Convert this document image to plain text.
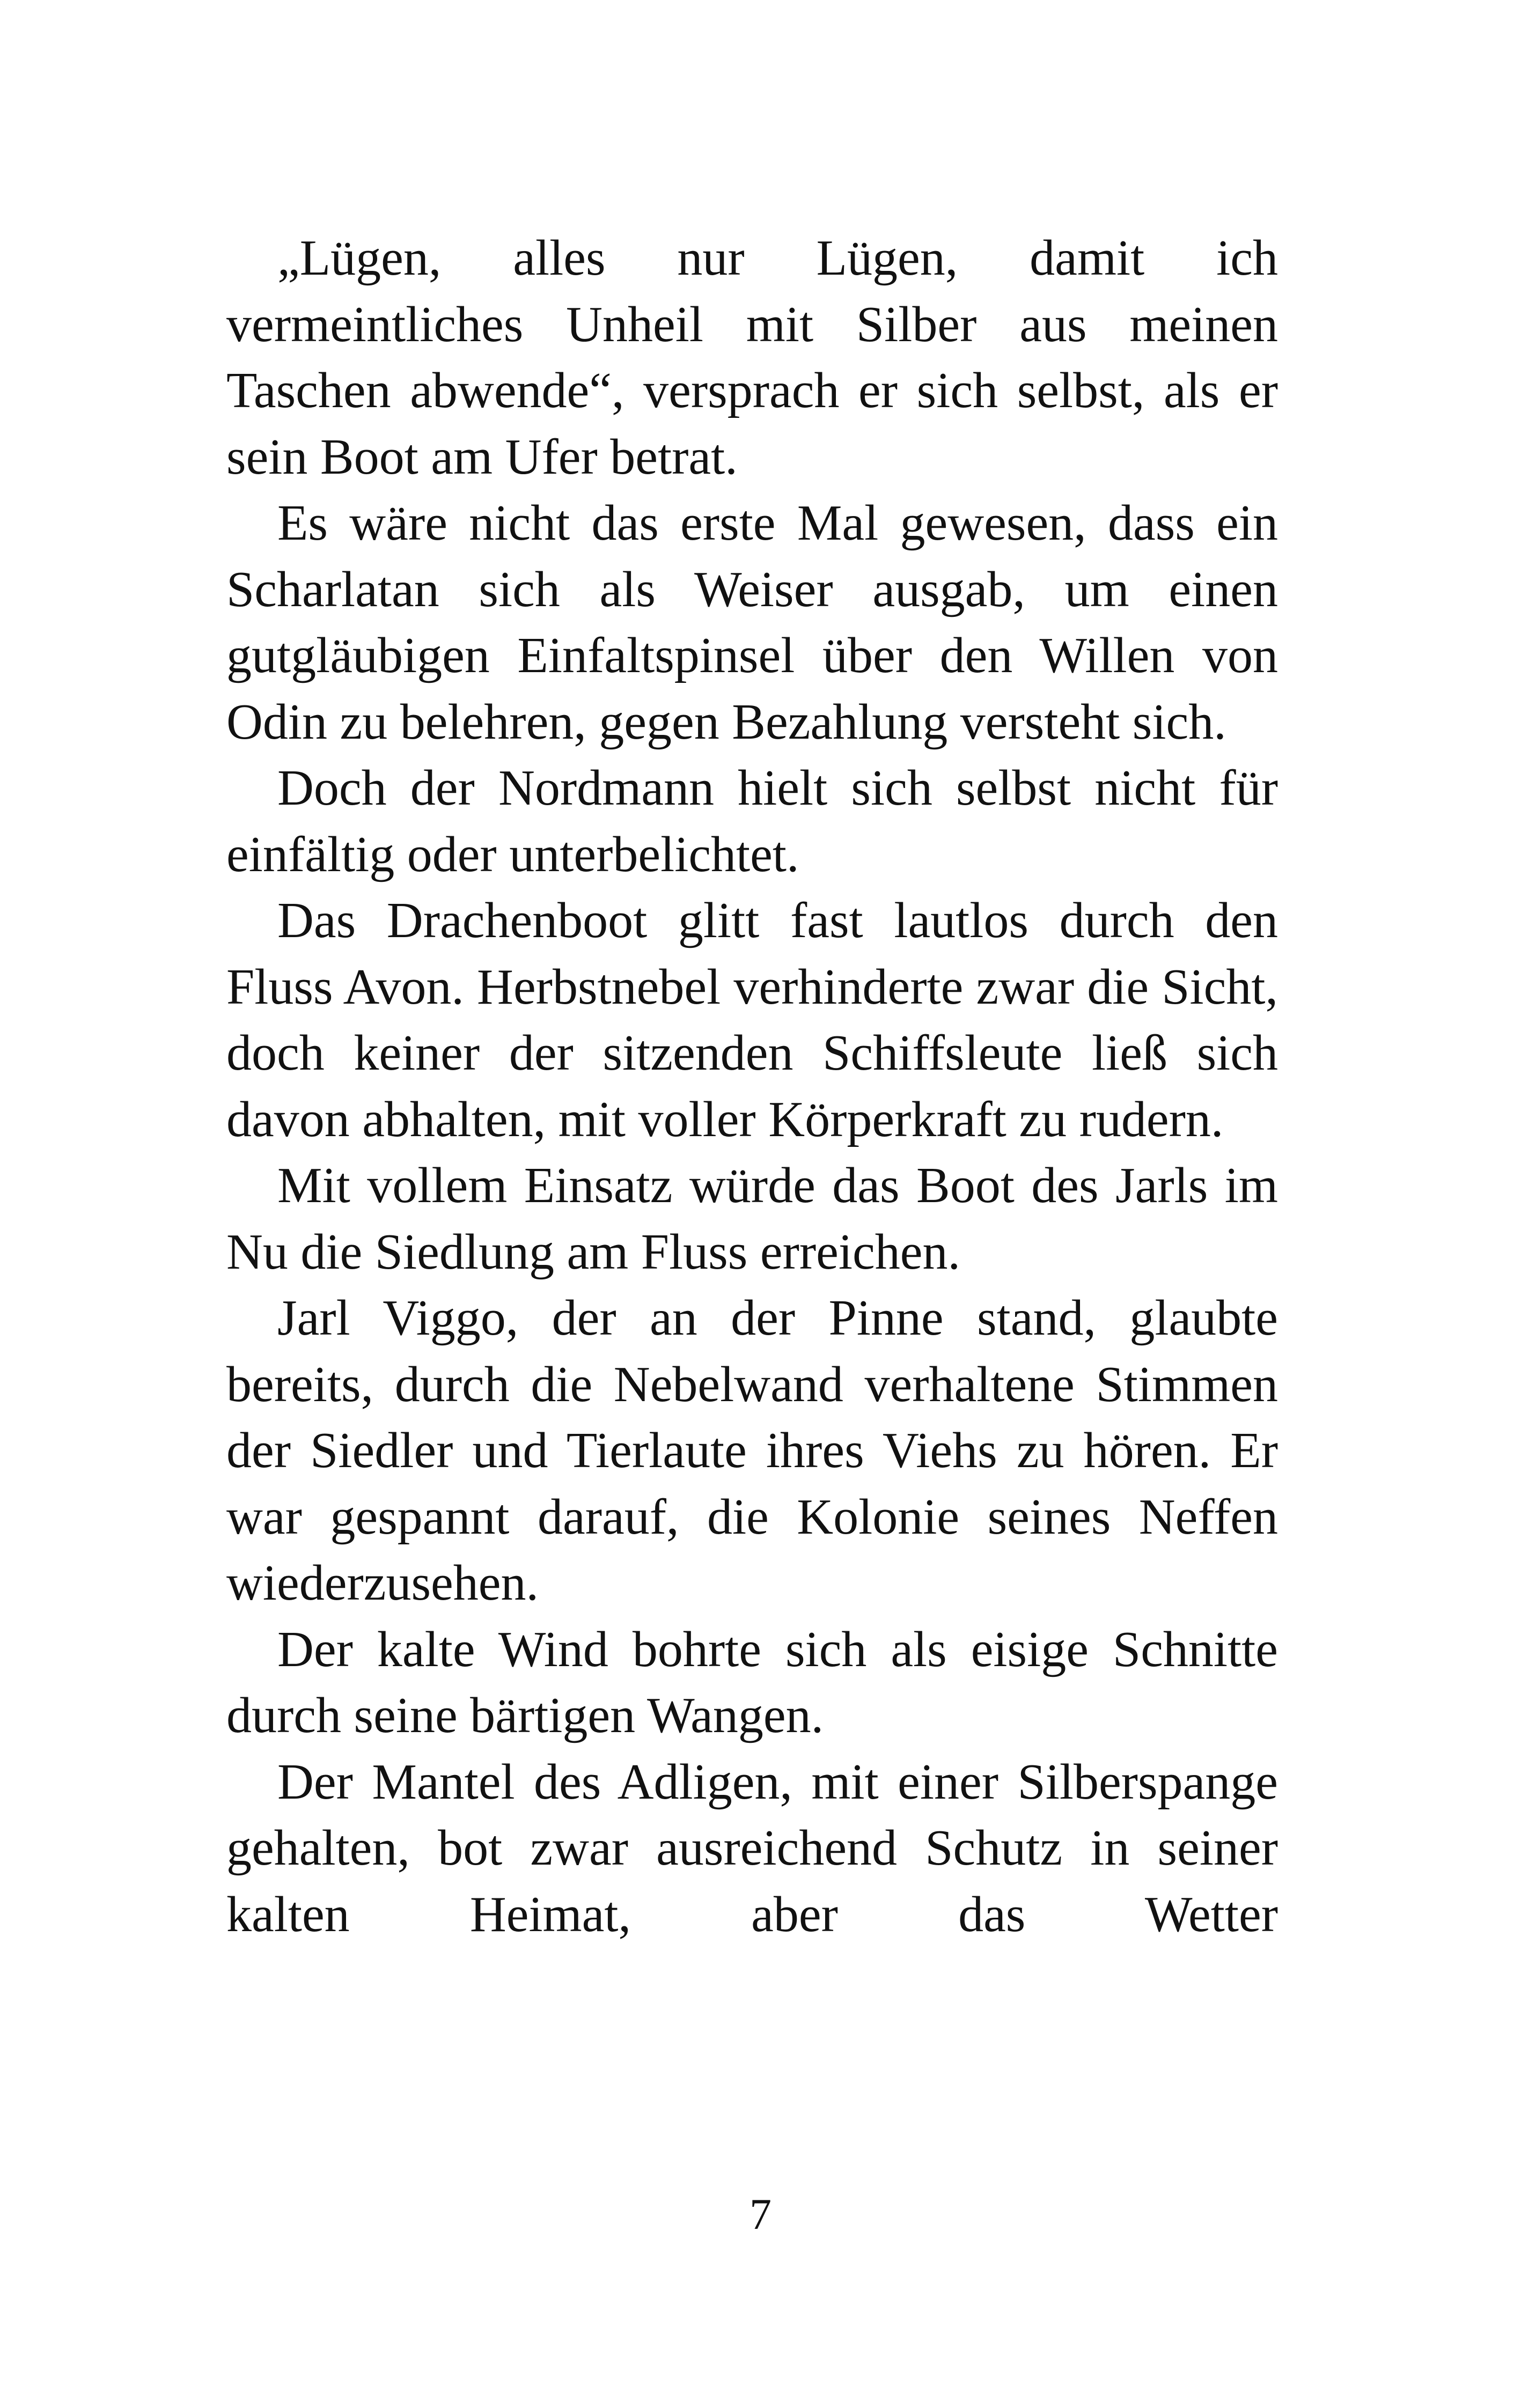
„Lügen, alles nur Lügen, damit ich vermeintliches Unheil mit Silber aus meinen Taschen abwende“, versprach er sich selbst, als er sein Boot am Ufer betrat.

Es wäre nicht das erste Mal gewesen, dass ein Scharlatan sich als Weiser ausgab, um einen gutgläubigen Einfaltspinsel über den Willen von Odin zu belehren, gegen Bezahlung versteht sich.

Doch der Nordmann hielt sich selbst nicht für einfältig oder unterbelichtet.

Das Drachenboot glitt fast lautlos durch den Fluss Avon. Herbstnebel verhinderte zwar die Sicht, doch keiner der sitzenden Schiffsleute ließ sich davon abhalten, mit voller Körperkraft zu rudern.

Mit vollem Einsatz würde das Boot des Jarls im Nu die Siedlung am Fluss erreichen.

Jarl Viggo, der an der Pinne stand, glaubte bereits, durch die Nebelwand verhaltene Stimmen der Siedler und Tierlaute ihres Viehs zu hören. Er war gespannt darauf, die Kolonie seines Neffen wiederzusehen.

Der kalte Wind bohrte sich als eisige Schnitte durch seine bärtigen Wangen.

Der Mantel des Adligen, mit einer Silberspange gehalten, bot zwar ausreichend Schutz in seiner kalten Heimat, aber das Wetter

7
